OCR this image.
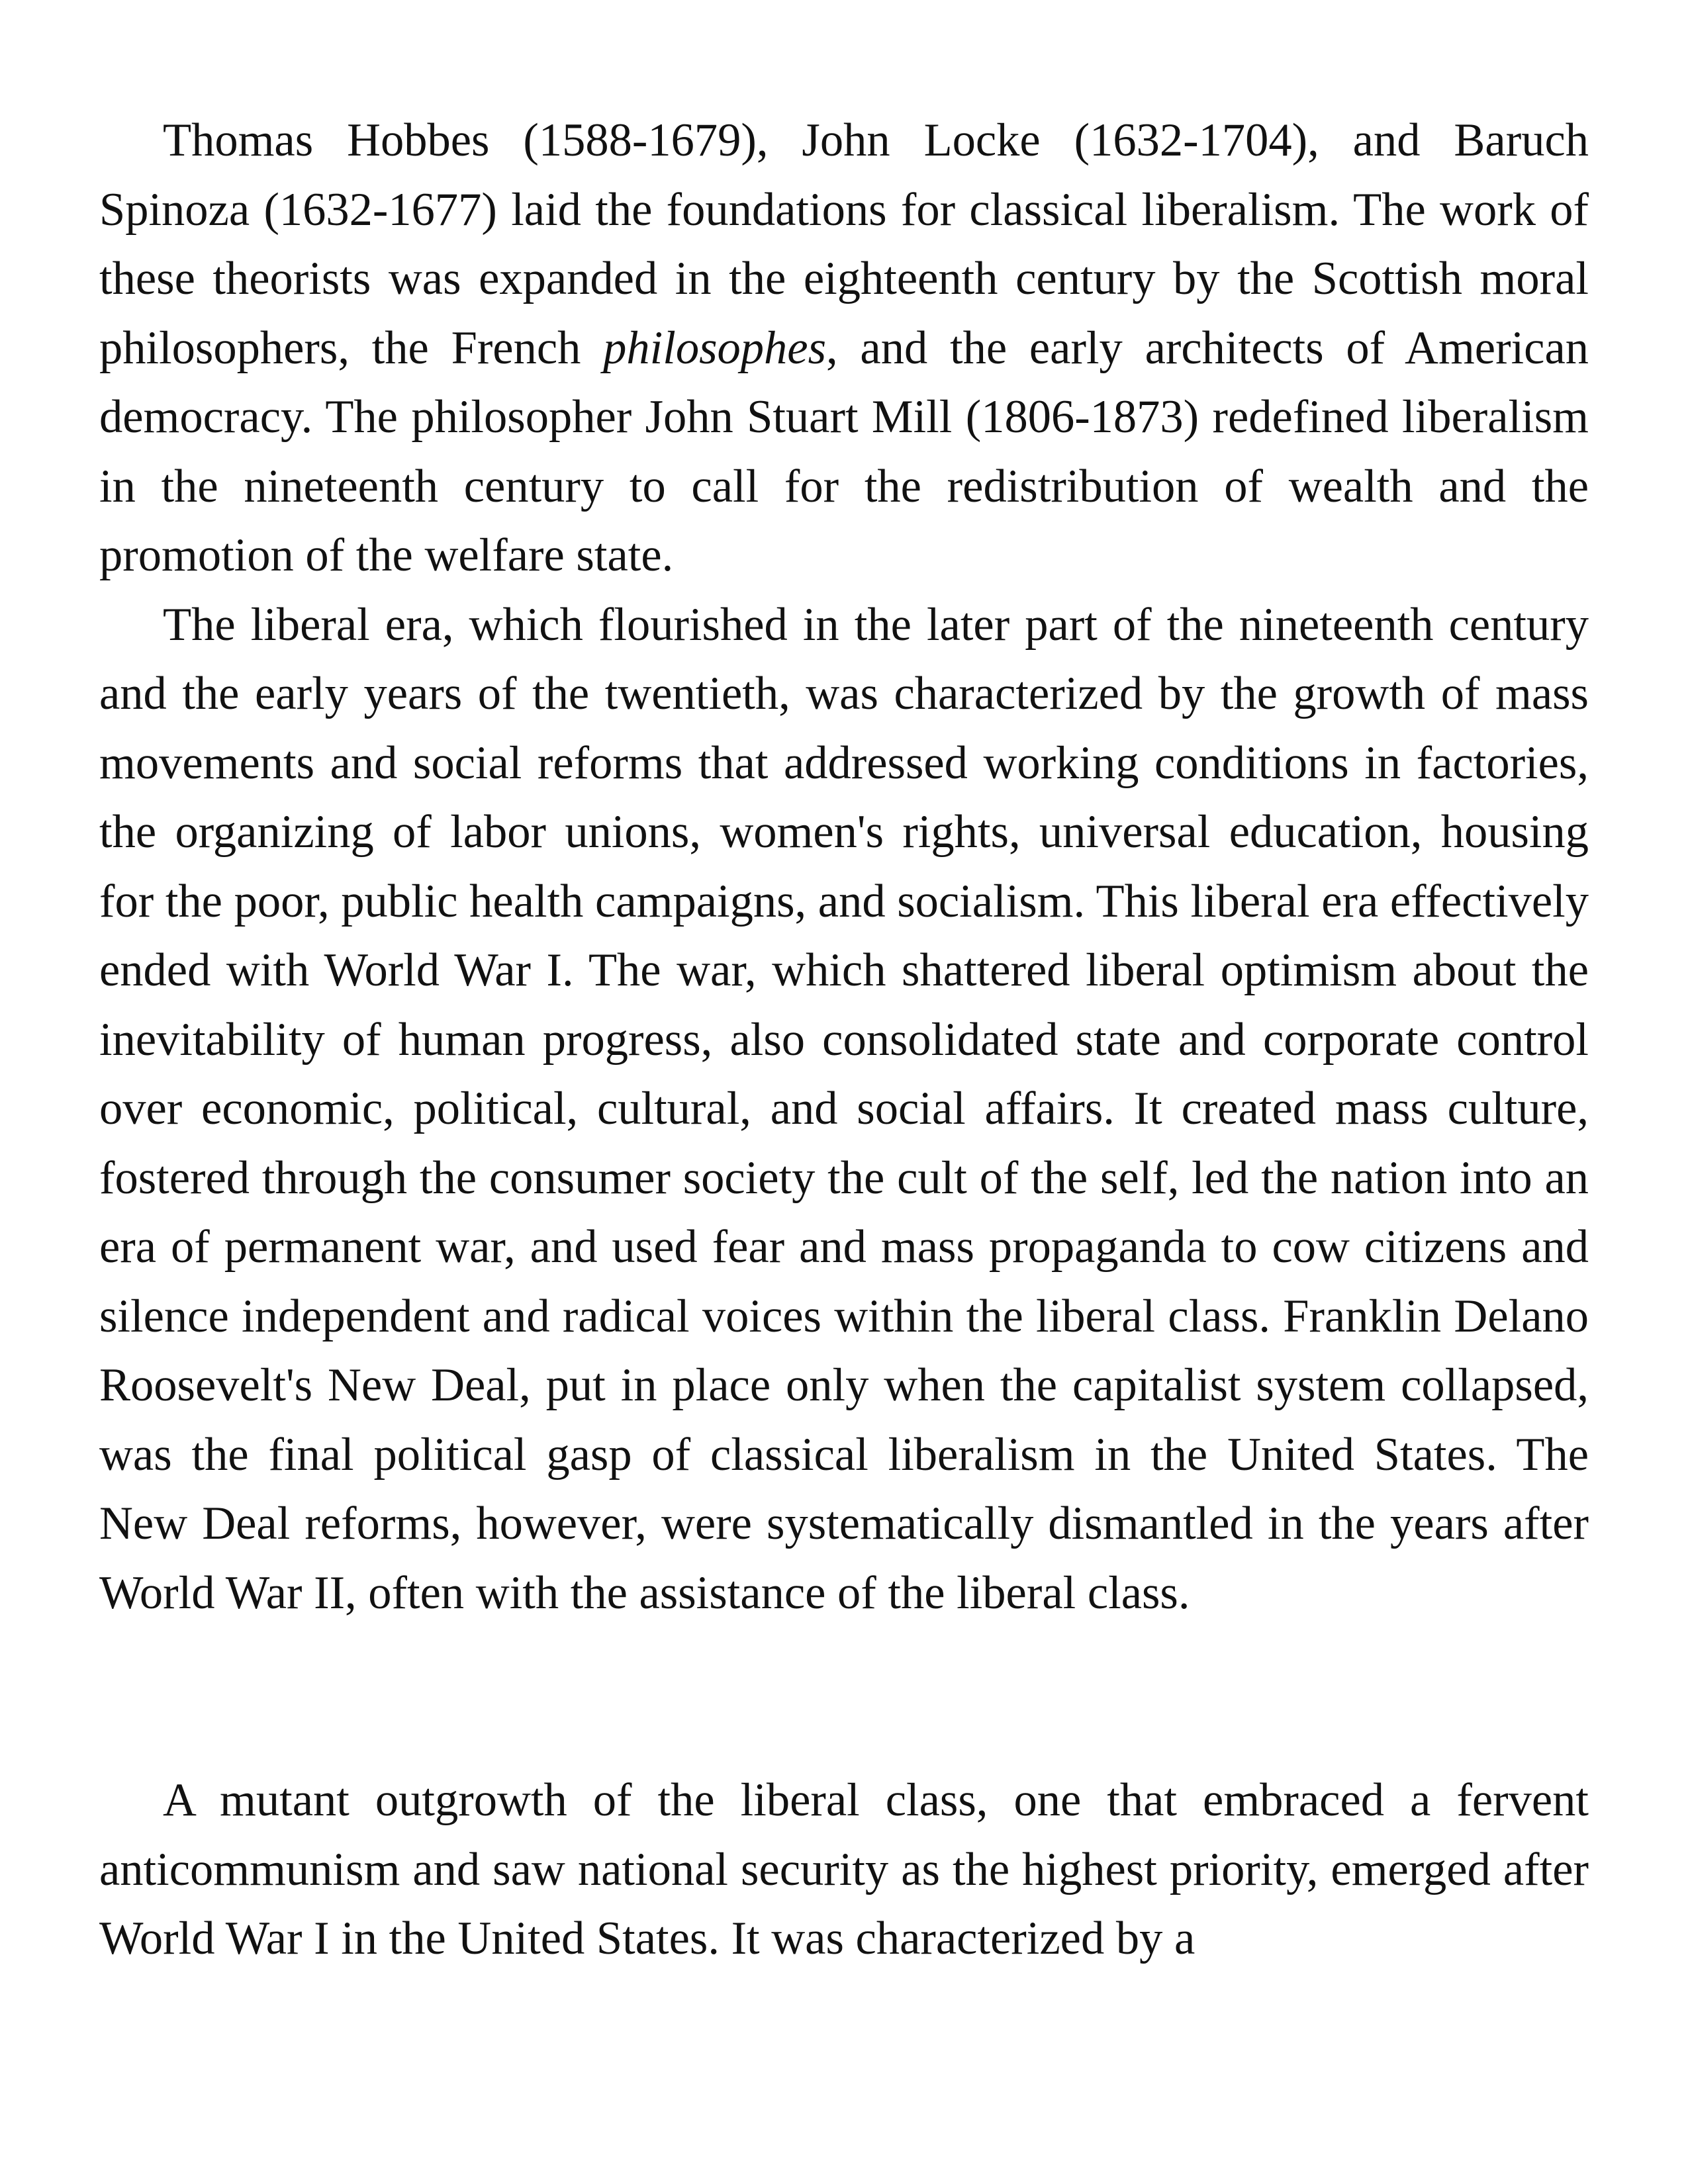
Thomas Hobbes (1588-1679), John Locke (1632-1704), and Baruch Spinoza (1632-1677) laid the foundations for classical liberalism. The work of these theorists was expanded in the eighteenth century by the Scottish moral philosophers, the French philosophes, and the early architects of American democracy. The philosopher John Stuart Mill (1806-1873) redefined liberalism in the nineteenth century to call for the redistribution of wealth and the promotion of the welfare state.

The liberal era, which flourished in the later part of the nineteenth century and the early years of the twentieth, was characterized by the growth of mass movements and social reforms that addressed working conditions in factories, the organizing of labor unions, women's rights, universal education, housing for the poor, public health campaigns, and socialism. This liberal era effectively ended with World War I. The war, which shattered liberal optimism about the inevitability of human progress, also consolidated state and corporate control over economic, political, cultural, and social affairs. It created mass culture, fostered through the consumer society the cult of the self, led the nation into an era of permanent war, and used fear and mass propaganda to cow citizens and silence independent and radical voices within the liberal class. Franklin Delano Roosevelt's New Deal, put in place only when the capitalist system collapsed, was the final political gasp of classical liberalism in the United States. The New Deal reforms, however, were systematically dismantled in the years after World War II, often with the assistance of the liberal class.

A mutant outgrowth of the liberal class, one that embraced a fervent anticommunism and saw national security as the highest priority, emerged after World War I in the United States. It was characterized by a
